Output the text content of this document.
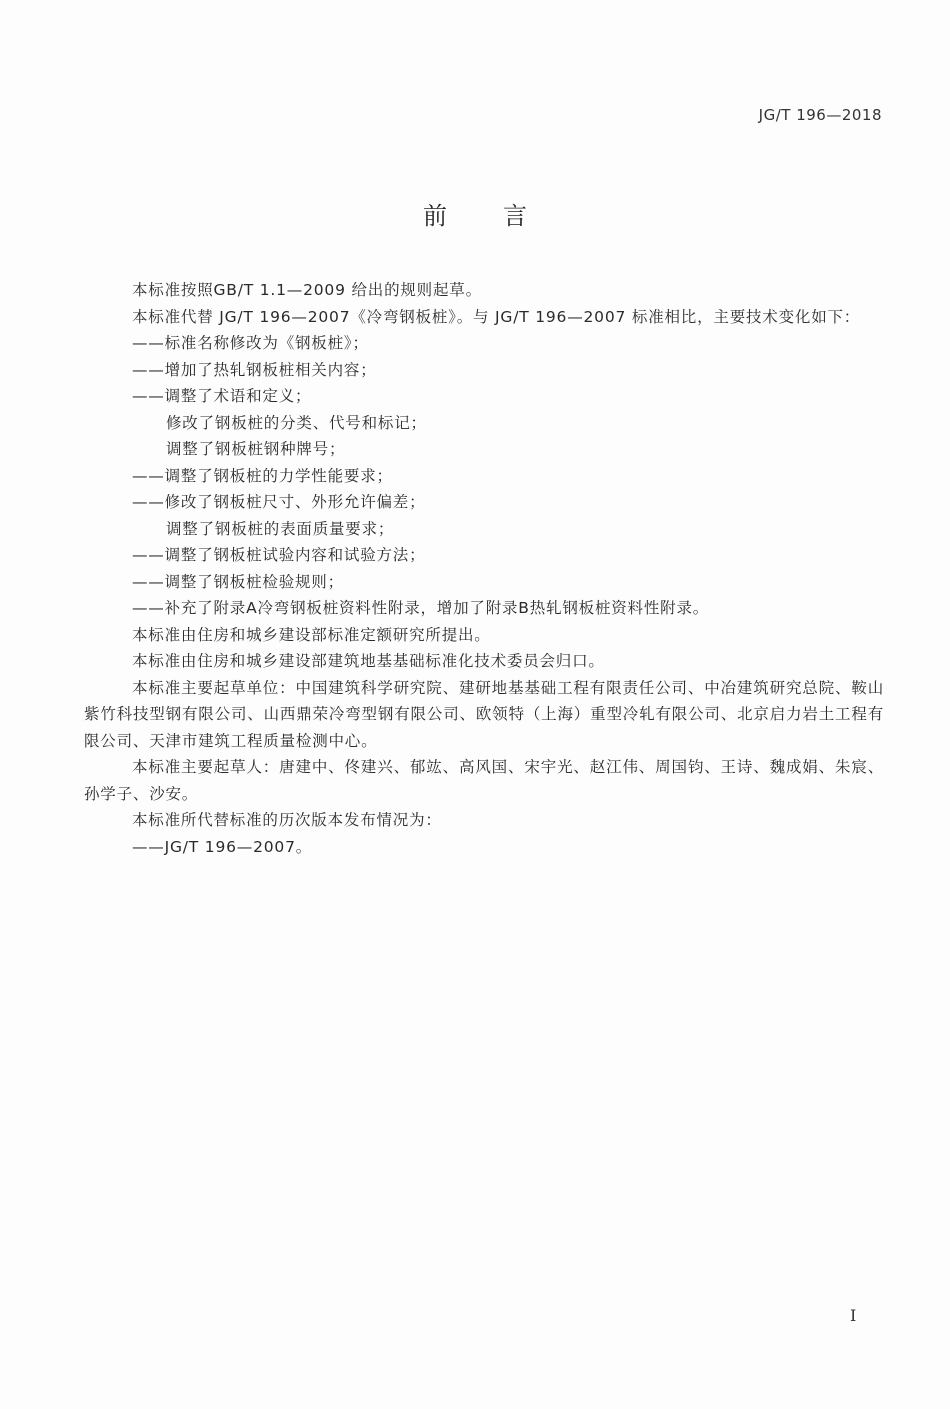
JG/T 196—2018
前言

本标准按照GB/T 1.1—2009 给出的规则起草。

本标准代替 JG/T 196—2007《冷弯钢板桩》。与 JG/T 196—2007 标准相比，主要技术变化如下：

——标准名称修改为《钢板桩》；

——增加了热轧钢板桩相关内容；

——调整了术语和定义；

修改了钢板桩的分类、代号和标记；

调整了钢板桩钢种牌号；

——调整了钢板桩的力学性能要求；

——修改了钢板桩尺寸、外形允许偏差；

调整了钢板桩的表面质量要求；

——调整了钢板桩试验内容和试验方法；

——调整了钢板桩检验规则；

——补充了附录A冷弯钢板桩资料性附录，增加了附录B热轧钢板桩资料性附录。

本标准由住房和城乡建设部标准定额研究所提出。

本标准由住房和城乡建设部建筑地基基础标准化技术委员会归口。

本标准主要起草单位：中国建筑科学研究院、建研地基基础工程有限责任公司、中冶建筑研究总院、鞍山紫竹科技型钢有限公司、山西鼎荣冷弯型钢有限公司、欧领特（上海）重型冷轧有限公司、北京启力岩土工程有限公司、天津市建筑工程质量检测中心。

本标准主要起草人：唐建中、佟建兴、郁竑、高风国、宋宇光、赵江伟、周国钧、王诗、魏成娟、朱宸、孙学子、沙安。

本标准所代替标准的历次版本发布情况为：

——JG/T 196—2007。

I
